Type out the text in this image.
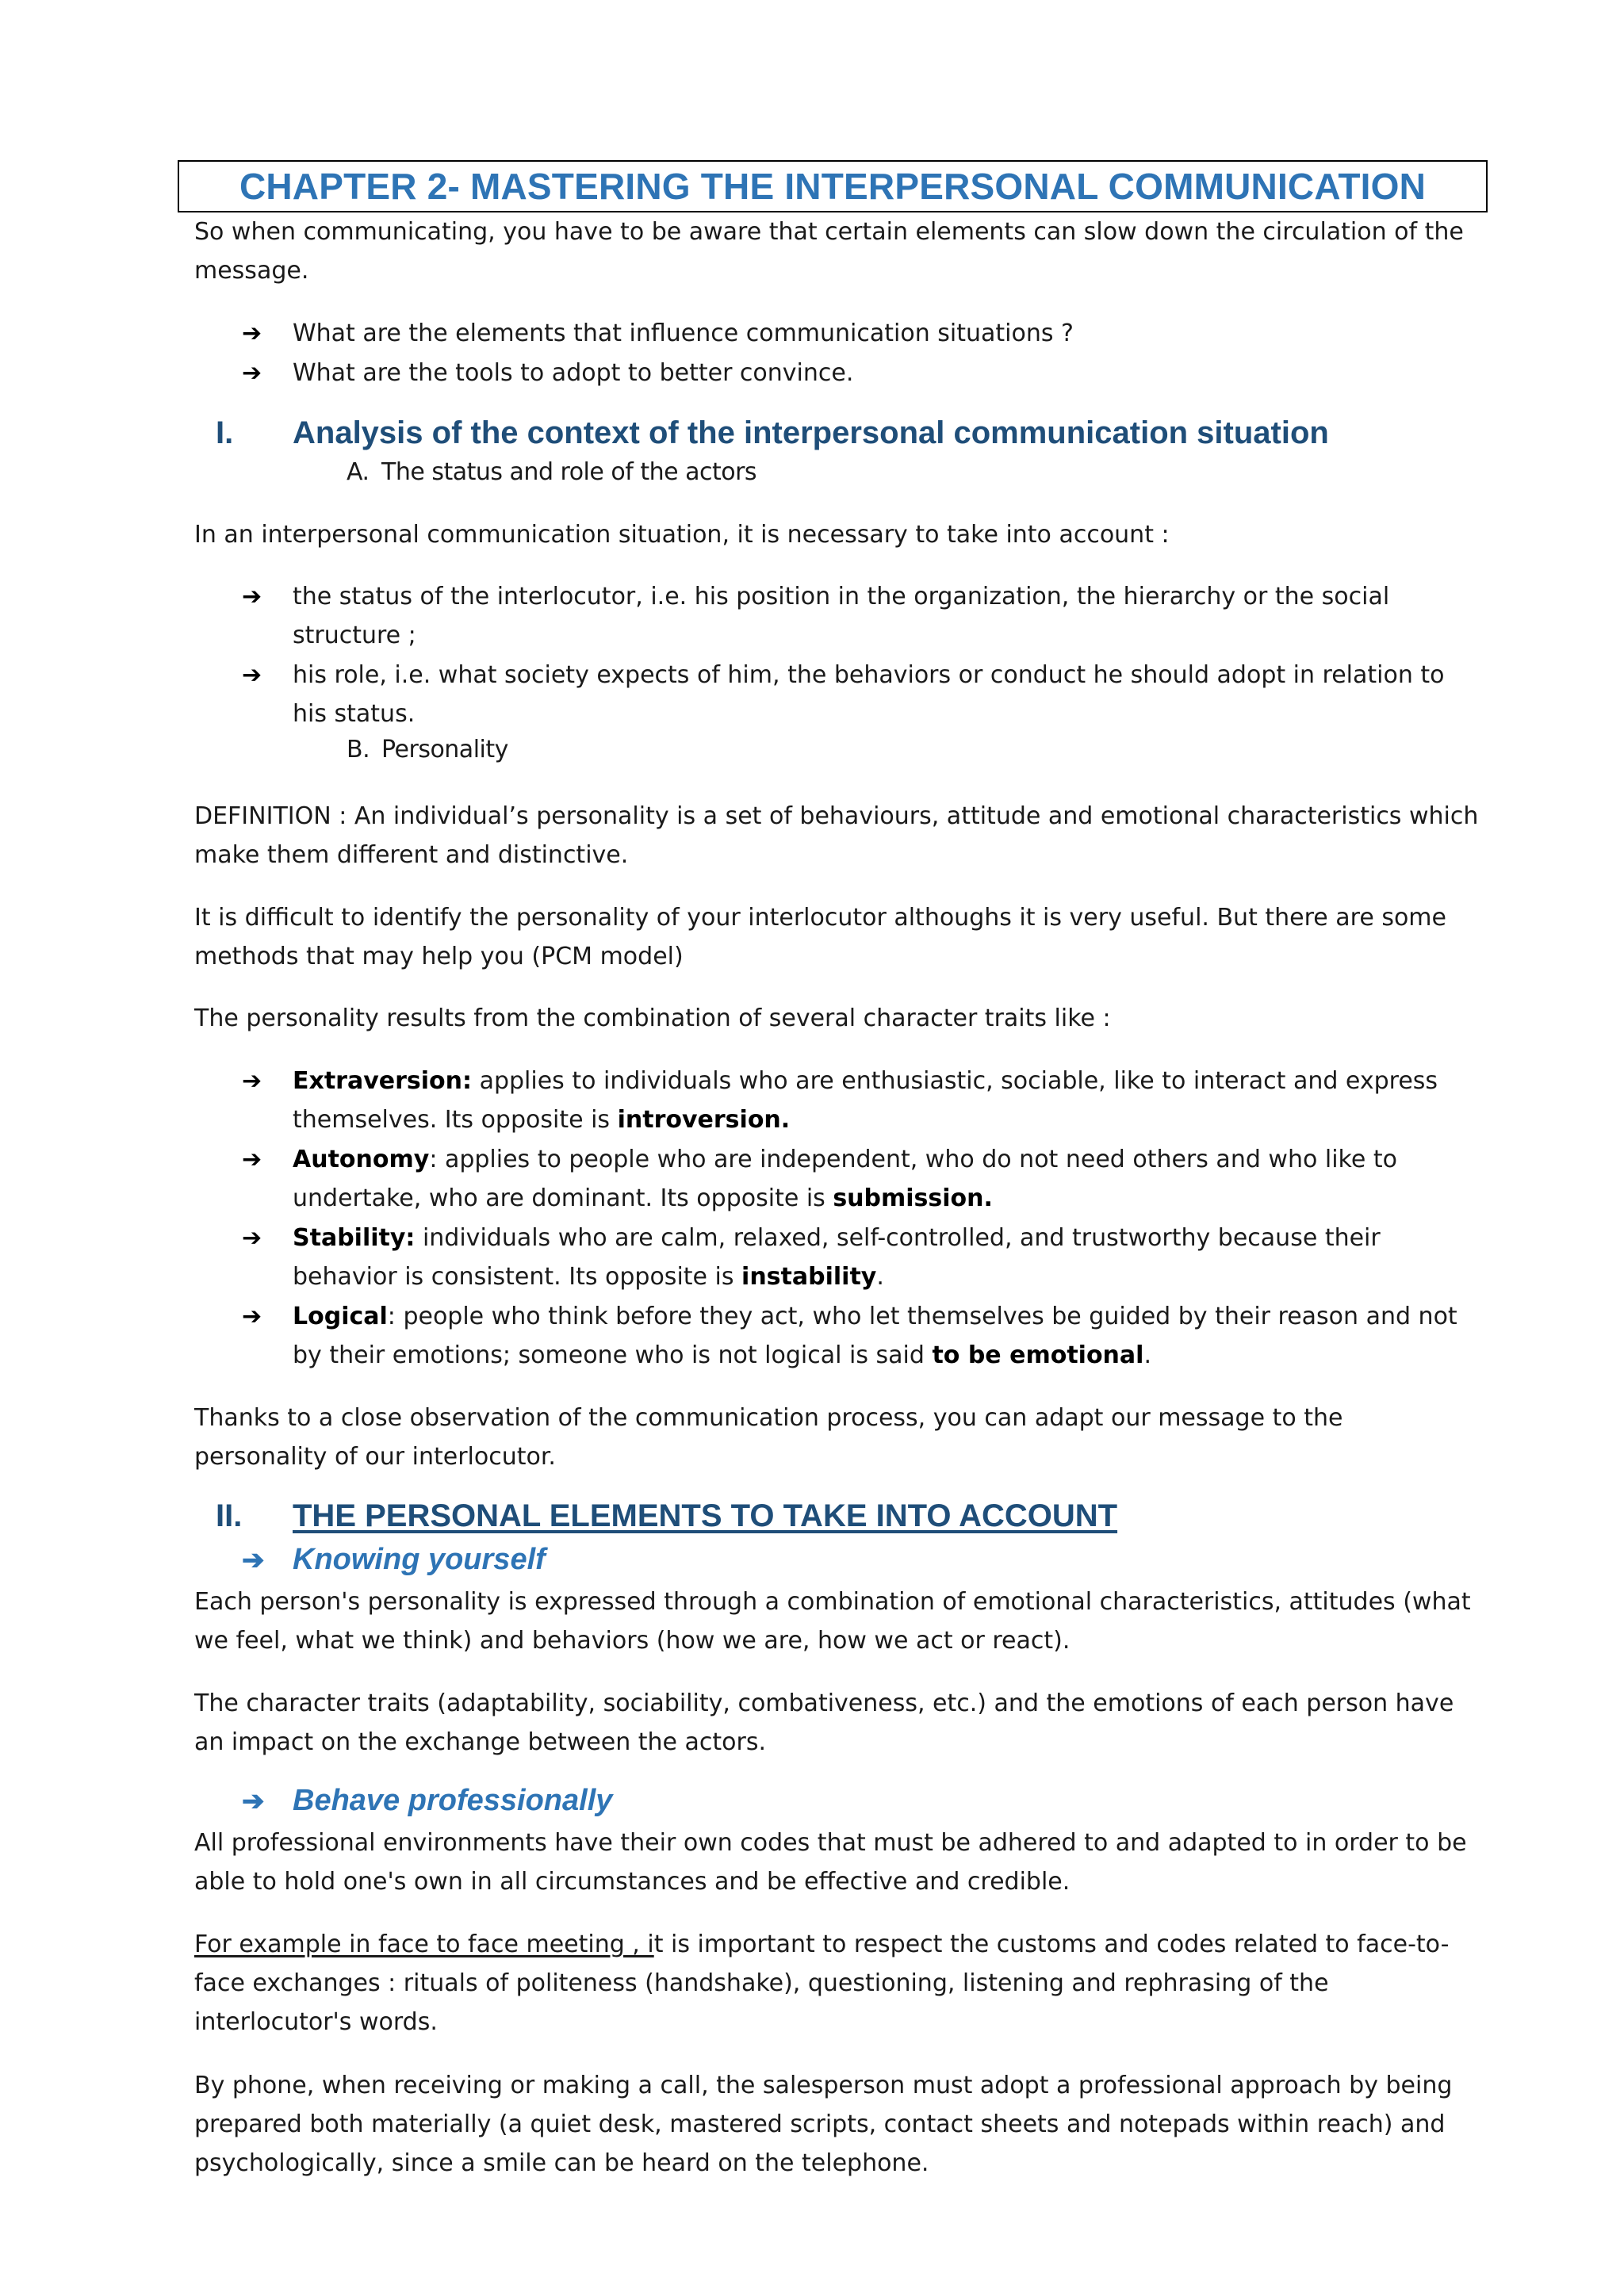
CHAPTER 2- MASTERING THE INTERPERSONAL COMMUNICATION

So when communicating, you have to be aware that certain elements can slow down the circulation of the message.

➔ What are the elements that influence communication situations ?
➔ What are the tools to adopt to better convince.
I. Analysis of the context of the interpersonal communication situation
A. The status and role of the actors

In an interpersonal communication situation, it is necessary to take into account :

➔ the status of the interlocutor, i.e. his position in the organization, the hierarchy or the social structure ;
➔ his role, i.e. what society expects of him, the behaviors or conduct he should adopt in relation to his status.
B. Personality

DEFINITION : An individual’s personality is a set of behaviours, attitude and emotional characteristics which make them different and distinctive.

It is difficult to identify the personality of your interlocutor althoughs it is very useful. But there are some methods that may help you (PCM model)

The personality results from the combination of several character traits like :

➔ Extraversion: applies to individuals who are enthusiastic, sociable, like to interact and express themselves. Its opposite is introversion.
➔ Autonomy: applies to people who are independent, who do not need others and who like to undertake, who are dominant. Its opposite is submission.
➔ Stability: individuals who are calm, relaxed, self-controlled, and trustworthy because their behavior is consistent. Its opposite is instability.
➔ Logical: people who think before they act, who let themselves be guided by their reason and not by their emotions; someone who is not logical is said to be emotional.

Thanks to a close observation of the communication process, you can adapt our message to the personality of our interlocutor.

II. THE PERSONAL ELEMENTS TO TAKE INTO ACCOUNT
➔ Knowing yourself

Each person's personality is expressed through a combination of emotional characteristics, attitudes (what we feel, what we think) and behaviors (how we are, how we act or react).

The character traits (adaptability, sociability, combativeness, etc.) and the emotions of each person have an impact on the exchange between the actors.

➔ Behave professionally

All professional environments have their own codes that must be adhered to and adapted to in order to be able to hold one's own in all circumstances and be effective and credible.

For example in face to face meeting , it is important to respect the customs and codes related to face-to-face exchanges : rituals of politeness (handshake), questioning, listening and rephrasing of the interlocutor's words.

By phone, when receiving or making a call, the salesperson must adopt a professional approach by being prepared both materially (a quiet desk, mastered scripts, contact sheets and notepads within reach) and psychologically, since a smile can be heard on the telephone.
